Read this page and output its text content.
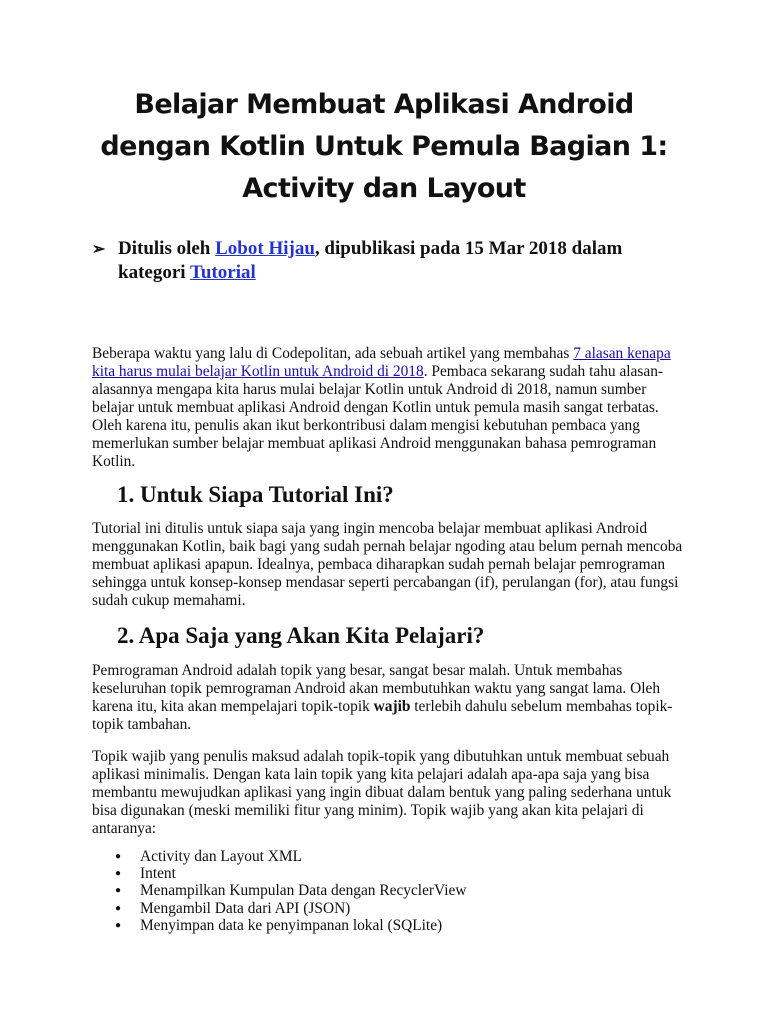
Belajar Membuat Aplikasi Android
dengan Kotlin Untuk Pemula Bagian 1:
Activity dan Layout
➢ Ditulis oleh Lobot Hijau, dipublikasi pada 15 Mar 2018 dalam kategori Tutorial

Beberapa waktu yang lalu di Codepolitan, ada sebuah artikel yang membahas 7 alasan kenapa kita harus mulai belajar Kotlin untuk Android di 2018. Pembaca sekarang sudah tahu alasan-alasannya mengapa kita harus mulai belajar Kotlin untuk Android di 2018, namun sumber belajar untuk membuat aplikasi Android dengan Kotlin untuk pemula masih sangat terbatas. Oleh karena itu, penulis akan ikut berkontribusi dalam mengisi kebutuhan pembaca yang memerlukan sumber belajar membuat aplikasi Android menggunakan bahasa pemrograman Kotlin.

1. Untuk Siapa Tutorial Ini?

Tutorial ini ditulis untuk siapa saja yang ingin mencoba belajar membuat aplikasi Android menggunakan Kotlin, baik bagi yang sudah pernah belajar ngoding atau belum pernah mencoba membuat aplikasi apapun. Idealnya, pembaca diharapkan sudah pernah belajar pemrograman sehingga untuk konsep-konsep mendasar seperti percabangan (if), perulangan (for), atau fungsi sudah cukup memahami.

2. Apa Saja yang Akan Kita Pelajari?

Pemrograman Android adalah topik yang besar, sangat besar malah. Untuk membahas keseluruhan topik pemrograman Android akan membutuhkan waktu yang sangat lama. Oleh karena itu, kita akan mempelajari topik-topik wajib terlebih dahulu sebelum membahas topik-topik tambahan.

Topik wajib yang penulis maksud adalah topik-topik yang dibutuhkan untuk membuat sebuah aplikasi minimalis. Dengan kata lain topik yang kita pelajari adalah apa-apa saja yang bisa membantu mewujudkan aplikasi yang ingin dibuat dalam bentuk yang paling sederhana untuk bisa digunakan (meski memiliki fitur yang minim). Topik wajib yang akan kita pelajari di antaranya:

● Activity dan Layout XML
● Intent
● Menampilkan Kumpulan Data dengan RecyclerView
● Mengambil Data dari API (JSON)
● Menyimpan data ke penyimpanan lokal (SQLite)
